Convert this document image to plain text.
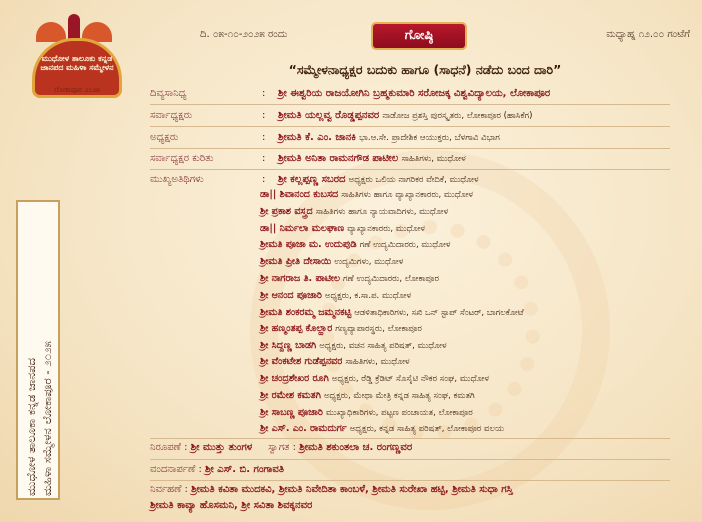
ಮುಧೋಳ ತಾಲೂಕು ಕನ್ನಡ ಜಾನಪದ ಮಹಿಳಾ ಸಮ್ಮೇಳನ
ಲೋಕಾಪೂರ ೨೦೨೫
ಮುಧೋಳ ತಾಲೂಕಾ ಕನ್ನಡ ಜಾನಪದ ಮಹಿಳಾ ಸಮ್ಮೇಳನ ಲೋಕಾಪೂರ - ೨೦೨೫
ದಿ. ೦೫-೧೦-೨೦೨೫ ರಂದು	ಗೋಷ್ಠಿ	ಮಧ್ಯಾಹ್ನ ೧೨.೦೦ ಗಂಟೆಗೆ
“ಸಮ್ಮೇಳನಾಧ್ಯಕ್ಷರ ಬದುಕು ಹಾಗೂ (ಸಾಧನೆ) ನಡೆದು ಬಂದ ದಾರಿ”
ದಿವ್ಯಸಾನಿಧ್ಯ	: ಶ್ರೀ ಈಶ್ವರಿಯ ರಾಜಯೋಗಿನಿ ಬ್ರಹ್ಮಕುಮಾರಿ ಸರೋಜಕ್ಕ ವಿಶ್ವವಿದ್ಯಾಲಯ, ಲೋಕಾಪೂರ
ಸರ್ವಾಧ್ಯಕ್ಷರು	: ಶ್ರೀಮತಿ ಯಲ್ಲವ್ವ ರೊಡ್ಡಪ್ಪನವರ ನಾಡೋಜ ಪ್ರಶಸ್ತಿ ಪುರಸ್ಕೃತರು, ಲೋಕಾಪೂರ (ಹಾಸಿಕೆಗ)
ಅಧ್ಯಕ್ಷರು	: ಶ್ರೀಮತಿ ಕೆ. ಎಂ. ಜಾನಕಿ ಭಾ.ಆ.ಸೇ. ಪ್ರಾದೇಶಿಕ ಆಯುಕ್ತರು, ಬೆಳಗಾವಿ ವಿಭಾಗ
ಸರ್ವಾಧ್ಯಕ್ಷರ ಕುರಿತು	: ಶ್ರೀಮತಿ ಅನಿತಾ ರಾಮನಗೌಡ ಪಾಟೀಲ ಸಾಹಿತಿಗಳು, ಮುಧೋಳ
ಮುಖ್ಯಅತಿಥಿಗಳು	: ಶ್ರೀ ಕಲ್ಲಪ್ಪಣ್ಣ ಸಬರದ ಅಧ್ಯಕ್ಷರು ಒಲಿಯ ನಾಗರಿಕರ ವೇದಿಕೆ, ಮುಧೋಳ
ಡಾ|| ಶಿವಾನಂದ ಕುಬಸದ ಸಾಹಿತಿಗಳು ಹಾಗೂ ವ್ಯಾಖ್ಯಾನಕಾರರು, ಮುಧೋಳ
ಶ್ರೀ ಪ್ರಕಾಶ ವಸ್ತ್ರದ ಸಾಹಿತಿಗಳು ಹಾಗೂ ನ್ಯಾಯವಾದಿಗಳು, ಮುಧೋಳ
ಡಾ|| ನಿರ್ಮಲಾ ಮಲಘಾಣ ವ್ಯಾಖ್ಯಾನಕಾರರು, ಮುಧೋಳ
ಶ್ರೀಮತಿ ಪೂಜಾ ಮ. ಉದುಪುಡಿ ಗಣೆ ಉದ್ಯಮಿದಾರರು, ಮುಧೋಳ
ಶ್ರೀಮತಿ ಪ್ರೀತಿ ದೇಸಾಯಿ ಉದ್ಯಮಿಗಳು, ಮುಧೋಳ
ಶ್ರೀ ನಾಗರಾಜ ತಿ. ಪಾಟೀಲ ಗಣೆ ಉದ್ಯಮಿದಾರರು, ಲೋಕಾಪೂರ
ಶ್ರೀ ಆನಂದ ಪೂಜಾರಿ ಅಧ್ಯಕ್ಷರು, ಕ.ಸಾ.ಪ. ಮುಧೋಳ
ಶ್ರೀಮತಿ ಶಂಕರಮ್ಮ ಜಮ್ಮನಕಟ್ಟಿ ಆಡಳಿತಾಧಿಕಾರಿಗಳು, ಸಖಿ ಒನ್ ಸ್ಟಾಪ್ ಸೆಂಟರ್, ಬಾಗಲಕೋಟೆ
ಶ್ರೀ ಹಣ್ಮಂತಪ್ಪ ಕೊಲ್ಹಾರ ಗಣ್ಯವ್ಯಾಪಾರಸ್ಥರು, ಲೋಕಾಪೂರ
ಶ್ರೀ ಸಿದ್ದಣ್ಣ ಬಾಡಗಿ ಅಧ್ಯಕ್ಷರು, ವಚನ ಸಾಹಿತ್ಯ ಪರಿಷತ್, ಮುಧೋಳ
ಶ್ರೀ ವೆಂಕಟೇಶ ಗುಡೆಪ್ಪನವರ ಸಾಹಿತಿಗಳು, ಮುಧೋಳ
ಶ್ರೀ ಚಂದ್ರಶೇಖರ ರೂಗಿ ಅಧ್ಯಕ್ಷರು, ರೆಡ್ಡಿ ಕ್ರೆಡಿಟ್ ಸೊಸೈಟಿ ನೌಕರ ಸಂಘ, ಮುಧೋಳ
ಶ್ರೀ ರಮೇಶ ಕಮತಗಿ ಅಧ್ಯಕ್ಷರು, ಮೇಥಾ ಮೇತ್ರಿ ಕನ್ನಡ ಸಾಹಿತ್ಯ ಸಂಘ, ಕಮತಗಿ
ಶ್ರೀ ಸಾಬಣ್ಣ ಪೂಜಾರಿ ಮುಖ್ಯಾಧಿಕಾರಿಗಳು, ಪಟ್ಟಣ ಪಂಚಾಯತ, ಲೋಕಾಪೂರ
ಶ್ರೀ ಎಸ್. ಎಂ. ರಾಮದುರ್ಗ ಅಧ್ಯಕ್ಷರು, ಕನ್ನಡ ಸಾಹಿತ್ಯ ಪರಿಷತ್, ಲೋಕಾಪೂರ ವಲಯ
ನಿರೂಪಣೆ : ಶ್ರೀ ಮುತ್ತು ತುಂಗಳ ಸ್ವಾಗತ : ಶ್ರೀಮತಿ ಶಕುಂತಲಾ ಚ. ರಂಗಣ್ಣವರ
ವಂದನಾರ್ಪಣೆ : ಶ್ರೀ ಎಸ್. ಬಿ. ಗಂಗಾವತಿ
ನಿರ್ವಹಣೆ : ಶ್ರೀಮತಿ ಕವಿತಾ ಮುದಕವಿ, ಶ್ರೀಮತಿ ನಿವೇದಿತಾ ಕಾಂಬಳೆ, ಶ್ರೀಮತಿ ಸುರೇಖಾ ಹಟ್ಟಿ, ಶ್ರೀಮತಿ ಸುಧಾ ಗಸ್ತಿ
ಶ್ರೀಮತಿ ಕಾವ್ಯಾ ಹೊಸಮನಿ, ಶ್ರೀ ಸವಿತಾ ಶಿವಕ್ಕನವರ
